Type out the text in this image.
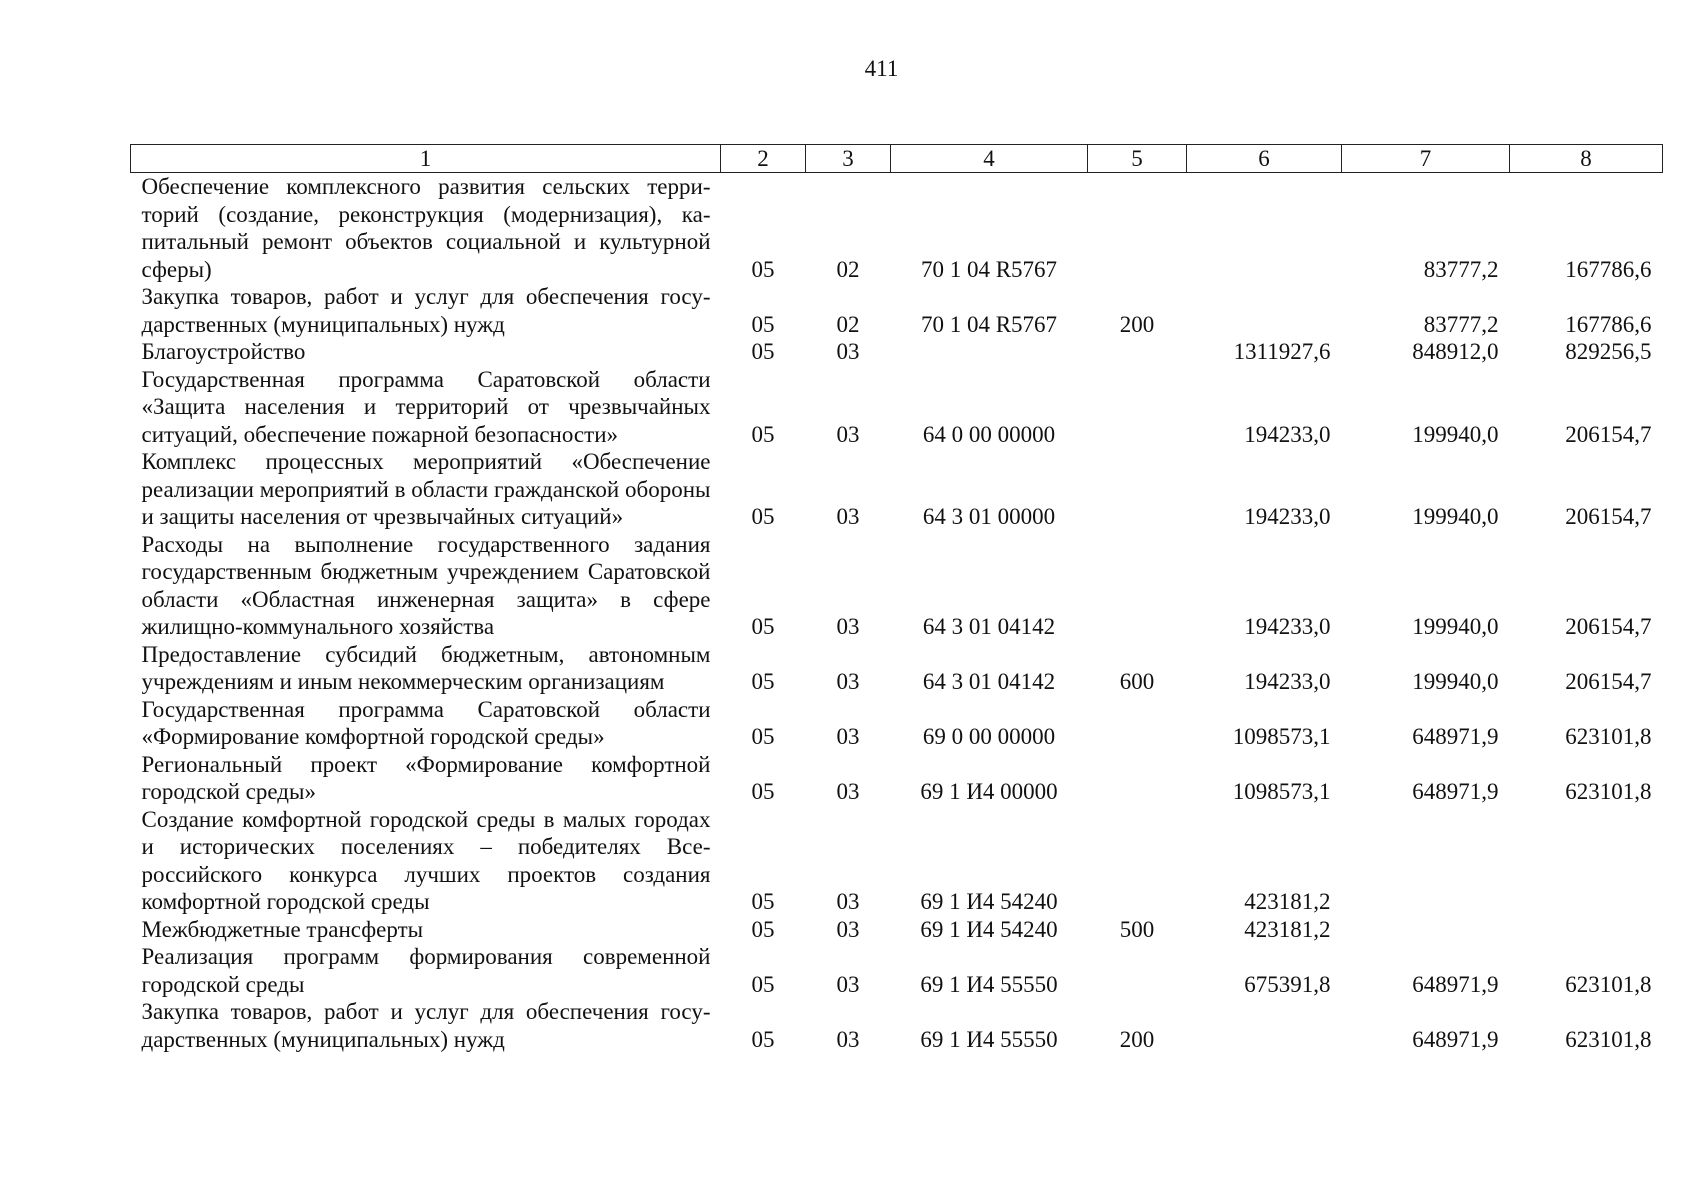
411
1	2	3	4	5	6	7	8
Обеспечение комплексного развития сельских территорий (создание, реконструкция (модернизация), капитальный ремонт объектов социальной и культурной сферы)	05	02	70 1 04 R5767			83777,2	167786,6
Закупка товаров, работ и услуг для обеспечения государственных (муниципальных) нужд	05	02	70 1 04 R5767	200		83777,2	167786,6
Благоустройство	05	03			1311927,6	848912,0	829256,5
Государственная программа Саратовской области «Защита населения и территорий от чрезвычайных ситуаций, обеспечение пожарной безопасности»	05	03	64 0 00 00000		194233,0	199940,0	206154,7
Комплекс процессных мероприятий «Обеспечение реализации мероприятий в области гражданской обороны и защиты населения от чрезвычайных ситуаций»	05	03	64 3 01 00000		194233,0	199940,0	206154,7
Расходы на выполнение государственного задания государственным бюджетным учреждением Саратовской области «Областная инженерная защита» в сфере жилищно-коммунального хозяйства	05	03	64 3 01 04142		194233,0	199940,0	206154,7
Предоставление субсидий бюджетным, автономным учреждениям и иным некоммерческим организациям	05	03	64 3 01 04142	600	194233,0	199940,0	206154,7
Государственная программа Саратовской области «Формирование комфортной городской среды»	05	03	69 0 00 00000		1098573,1	648971,9	623101,8
Региональный проект «Формирование комфортной городской среды»	05	03	69 1 И4 00000		1098573,1	648971,9	623101,8
Создание комфортной городской среды в малых городах и исторических поселениях – победителях Всероссийского конкурса лучших проектов создания комфортной городской среды	05	03	69 1 И4 54240		423181,2		
Межбюджетные трансферты	05	03	69 1 И4 54240	500	423181,2		
Реализация программ формирования современной городской среды	05	03	69 1 И4 55550		675391,8	648971,9	623101,8
Закупка товаров, работ и услуг для обеспечения государственных (муниципальных) нужд	05	03	69 1 И4 55550	200		648971,9	623101,8
